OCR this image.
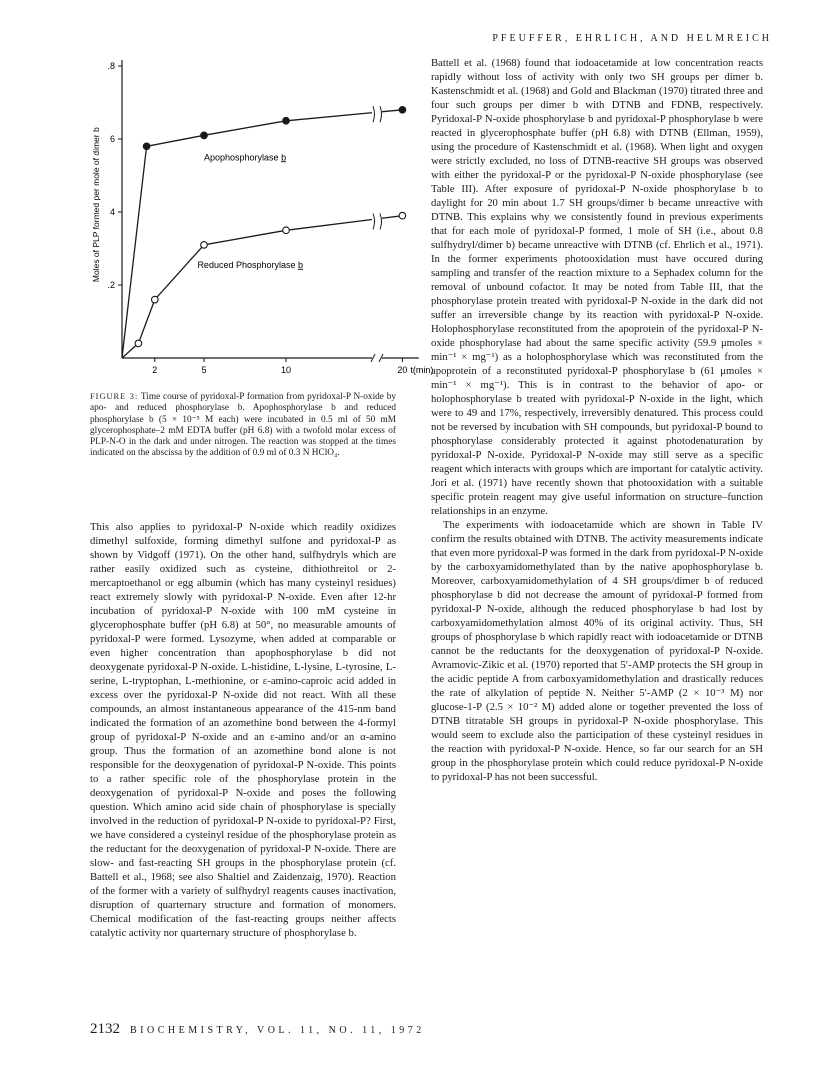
PFEUFFER, EHRLICH, AND HELMREICH
.2
4
6
.8
2	5	10	20 t(min)
Moles of PLP formed per mole of dimer b	Apophosphorylase b
Reduced Phosphorylase b
FIGURE 3: Time course of pyridoxal-P formation from pyridoxal-P N-oxide by apo- and reduced phosphorylase b. Apophosphorylase b and reduced phosphorylase b (5 × 10⁻⁵ M each) were incubated in 0.5 ml of 50 mM glycerophosphate–2 mM EDTA buffer (pH 6.8) with a twofold molar excess of PLP-N-O in the dark and under nitrogen. The reaction was stopped at the times indicated on the abscissa by the addition of 0.9 ml of 0.3 N HClO₄.

This also applies to pyridoxal-P N-oxide which readily oxidizes dimethyl sulfoxide, forming dimethyl sulfone and pyridoxal-P as shown by Vidgoff (1971). On the other hand, sulfhydryls which are rather easily oxidized such as cysteine, dithiothreitol or 2-mercaptoethanol or egg albumin (which has many cysteinyl residues) react extremely slowly with pyridoxal-P N-oxide. Even after 12-hr incubation of pyridoxal-P N-oxide with 100 mM cysteine in glycerophosphate buffer (pH 6.8) at 50°, no measurable amounts of pyridoxal-P were formed. Lysozyme, when added at comparable or even higher concentration than apophosphorylase b did not deoxygenate pyridoxal-P N-oxide. L-histidine, L-lysine, L-tyrosine, L-serine, L-tryptophan, L-methionine, or ε-amino-caproic acid added in excess over the pyridoxal-P N-oxide did not react. With all these compounds, an almost instantaneous appearance of the 415-nm band indicated the formation of an azomethine bond between the 4-formyl group of pyridoxal-P N-oxide and an ε-amino and/or an α-amino group. Thus the formation of an azomethine bond alone is not responsible for the deoxygenation of pyridoxal-P N-oxide. This points to a rather specific role of the phosphorylase protein in the deoxygenation of pyridoxal-P N-oxide and poses the following question. Which amino acid side chain of phosphorylase is specially involved in the reduction of pyridoxal-P N-oxide to pyridoxal-P? First, we have considered a cysteinyl residue of the phosphorylase protein as the reductant for the deoxygenation of pyridoxal-P N-oxide. There are slow- and fast-reacting SH groups in the phosphorylase protein (cf. Battell et al., 1968; see also Shaltiel and Zaidenzaig, 1970). Reaction of the former with a variety of sulfhydryl reagents causes inactivation, disruption of quarternary structure and formation of monomers. Chemical modification of the fast-reacting groups neither affects catalytic activity nor quarternary structure of phosphorylase b.

Battell et al. (1968) found that iodoacetamide at low concentration reacts rapidly without loss of activity with only two SH groups per dimer b. Kastenschmidt et al. (1968) and Gold and Blackman (1970) titrated three and four such groups per dimer b with DTNB and FDNB, respectively. Pyridoxal-P N-oxide phosphorylase b and pyridoxal-P phosphorylase b were reacted in glycerophosphate buffer (pH 6.8) with DTNB (Ellman, 1959), using the procedure of Kastenschmidt et al. (1968). When light and oxygen were strictly excluded, no loss of DTNB-reactive SH groups was observed with either the pyridoxal-P or the pyridoxal-P N-oxide phosphorylase (see Table III). After exposure of pyridoxal-P N-oxide phosphorylase b to daylight for 20 min about 1.7 SH groups/dimer b became unreactive with DTNB. This explains why we consistently found in previous experiments that for each mole of pyridoxal-P formed, 1 mole of SH (i.e., about 0.8 sulfhydryl/dimer b) became unreactive with DTNB (cf. Ehrlich et al., 1971). In the former experiments photooxidation must have occured during sampling and transfer of the reaction mixture to a Sephadex column for the removal of unbound cofactor. It may be noted from Table III, that the phosphorylase protein treated with pyridoxal-P N-oxide in the dark did not suffer an irreversible change by its reaction with pyridoxal-P N-oxide. Holophosphorylase reconstituted from the apoprotein of the pyridoxal-P N-oxide phosphorylase had about the same specific activity (59.9 μmoles × min⁻¹ × mg⁻¹) as a holophosphorylase which was reconstituted from the apoprotein of a reconstituted pyridoxal-P phosphorylase b (61 μmoles × min⁻¹ × mg⁻¹). This is in contrast to the behavior of apo- or holophosphorylase b treated with pyridoxal-P N-oxide in the light, which were to 49 and 17%, respectively, irreversibly denatured. This process could not be reversed by incubation with SH compounds, but pyridoxal-P bound to phosphorylase considerably protected it against photodenaturation by pyridoxal-P N-oxide. Pyridoxal-P N-oxide may still serve as a specific reagent which interacts with groups which are important for catalytic activity. Jori et al. (1971) have recently shown that photooxidation with a suitable specific protein reagent may give useful information on structure–function relationships in an enzyme.

The experiments with iodoacetamide which are shown in Table IV confirm the results obtained with DTNB. The activity measurements indicate that even more pyridoxal-P was formed in the dark from pyridoxal-P N-oxide by the carboxyamidomethylated than by the native apophosphorylase b. Moreover, carboxyamidomethylation of 4 SH groups/dimer b of reduced phosphorylase b did not decrease the amount of pyridoxal-P formed from pyridoxal-P N-oxide, although the reduced phosphorylase b had lost by carboxyamidomethylation almost 40% of its original activity. Thus, SH groups of phosphorylase b which rapidly react with iodoacetamide or DTNB cannot be the reductants for the deoxygenation of pyridoxal-P N-oxide. Avramovic-Zikic et al. (1970) reported that 5′-AMP protects the SH group in the acidic peptide A from carboxyamidomethylation and drastically reduces the rate of alkylation of peptide N. Neither 5′-AMP (2 × 10⁻³ M) nor glucose-1-P (2.5 × 10⁻² M) added alone or together prevented the loss of DTNB titratable SH groups in pyridoxal-P N-oxide phosphorylase. This would seem to exclude also the participation of these cysteinyl residues in the reaction with pyridoxal-P N-oxide. Hence, so far our search for an SH group in the phosphorylase protein which could reduce pyridoxal-P N-oxide to pyridoxal-P has not been successful.

2132 BIOCHEMISTRY, VOL. 11, NO. 11, 1972
